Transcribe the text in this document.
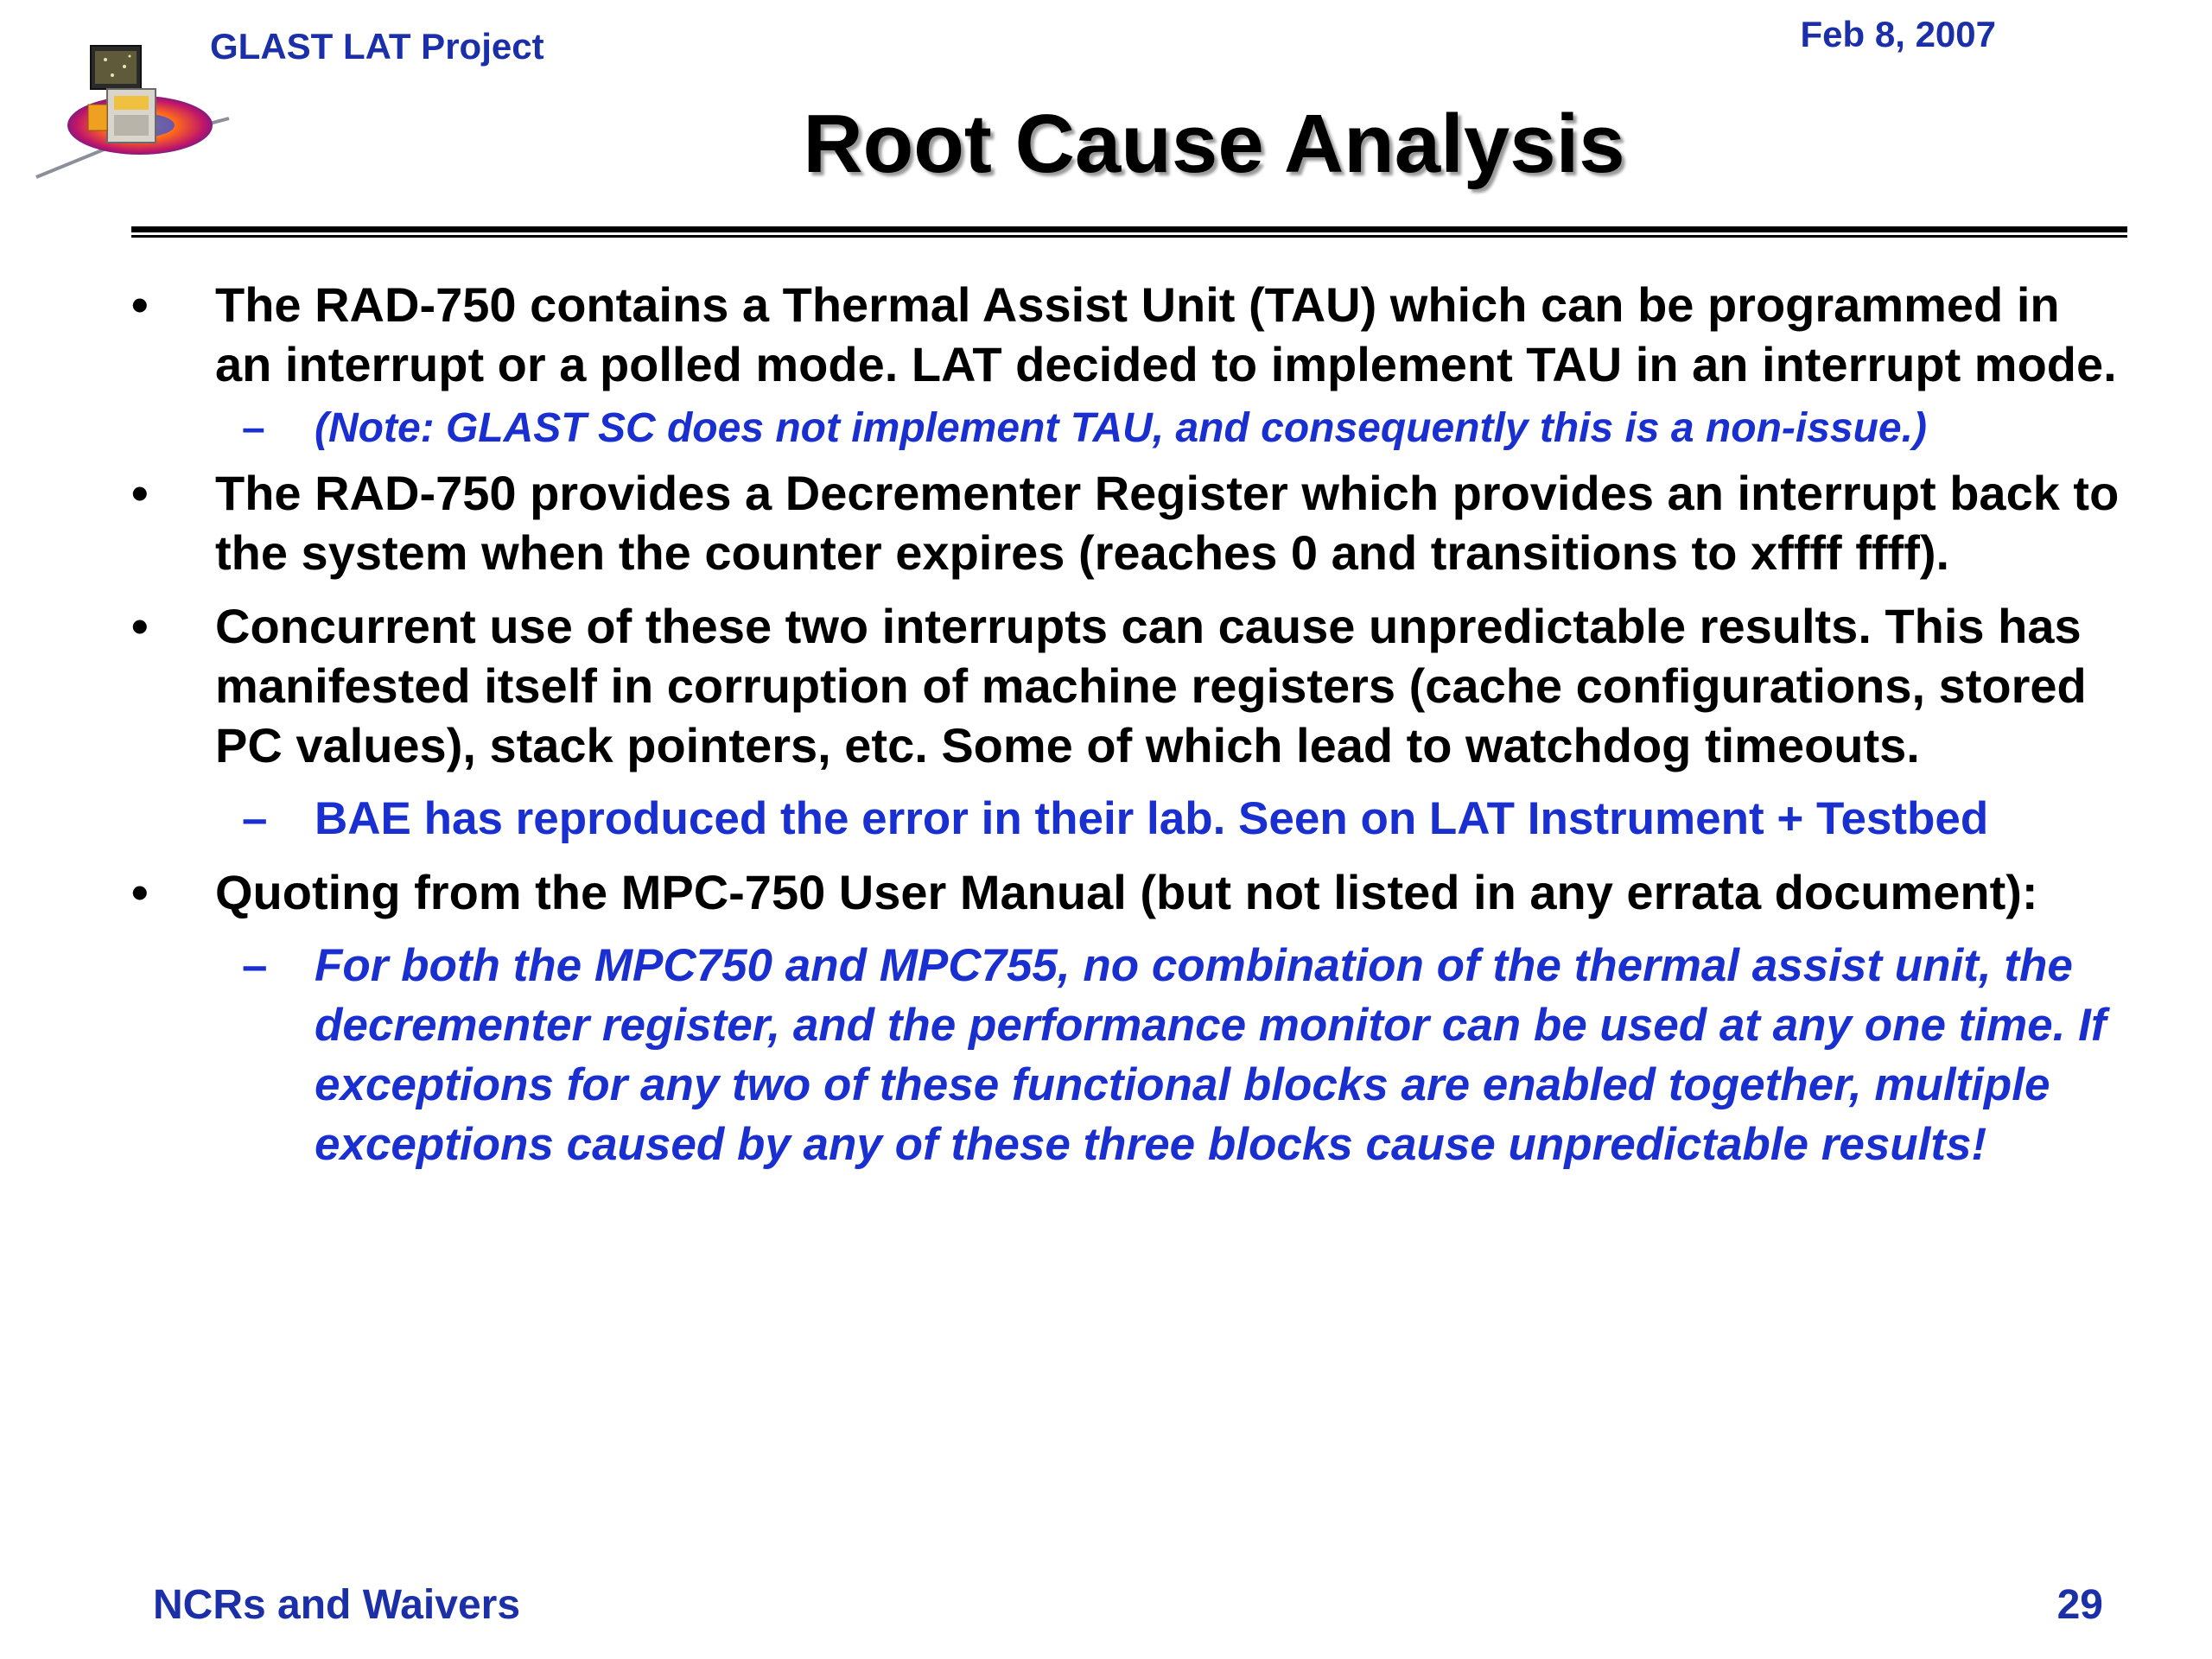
GLAST LAT Project	Feb 8, 2007
Root Cause Analysis
• The RAD-750 contains a Thermal Assist Unit (TAU) which can be programmed in an interrupt or a polled mode. LAT decided to implement TAU in an interrupt mode.
– (Note: GLAST SC does not implement TAU, and consequently this is a non-issue.)
• The RAD-750 provides a Decrementer Register which provides an interrupt back to the system when the counter expires (reaches 0 and transitions to xffff ffff).
• Concurrent use of these two interrupts can cause unpredictable results. This has manifested itself in corruption of machine registers (cache configurations, stored PC values), stack pointers, etc. Some of which lead to watchdog timeouts.
– BAE has reproduced the error in their lab. Seen on LAT Instrument + Testbed
• Quoting from the MPC-750 User Manual (but not listed in any errata document):
– For both the MPC750 and MPC755, no combination of the thermal assist unit, the decrementer register, and the performance monitor can be used at any one time. If exceptions for any two of these functional blocks are enabled together, multiple exceptions caused by any of these three blocks cause unpredictable results!
NCRs and Waivers	29
